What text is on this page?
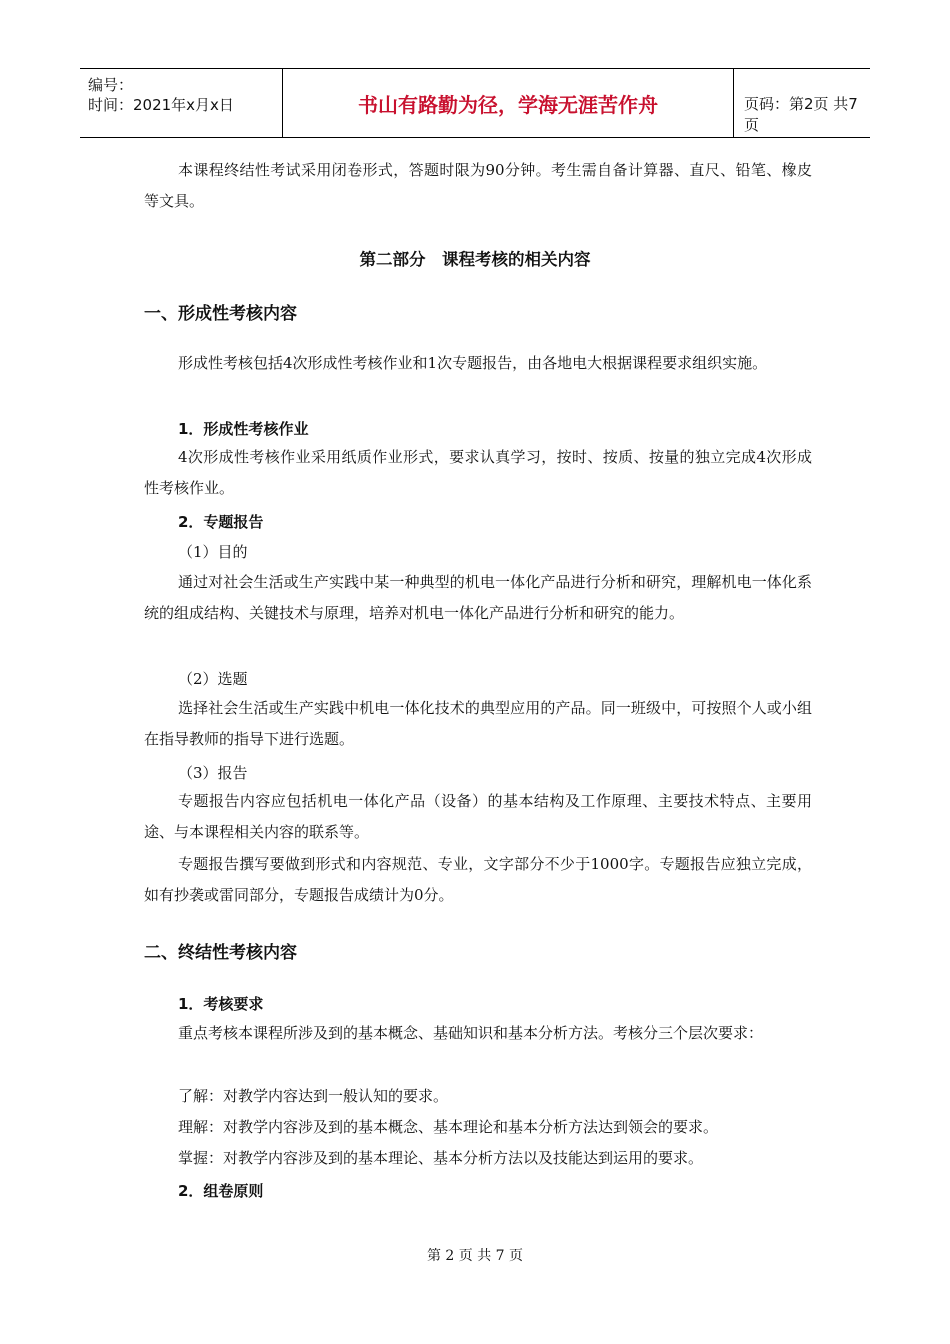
编号：
时间：2021年x月x日	书山有路勤为径，学海无涯苦作舟	页码：第2页 共7页

本课程终结性考试采用闭卷形式，答题时限为90分钟。考生需自备计算器、直尺、铅笔、橡皮等文具。

第二部分　课程考核的相关内容

一、形成性考核内容

形成性考核包括4次形成性考核作业和1次专题报告，由各地电大根据课程要求组织实施。

1．形成性考核作业

4次形成性考核作业采用纸质作业形式，要求认真学习，按时、按质、按量的独立完成4次形成性考核作业。

2．专题报告

（1）目的

通过对社会生活或生产实践中某一种典型的机电一体化产品进行分析和研究，理解机电一体化系统的组成结构、关键技术与原理，培养对机电一体化产品进行分析和研究的能力。

（2）选题

选择社会生活或生产实践中机电一体化技术的典型应用的产品。同一班级中，可按照个人或小组在指导教师的指导下进行选题。

（3）报告

专题报告内容应包括机电一体化产品（设备）的基本结构及工作原理、主要技术特点、主要用途、与本课程相关内容的联系等。

专题报告撰写要做到形式和内容规范、专业，文字部分不少于1000字。专题报告应独立完成，如有抄袭或雷同部分，专题报告成绩计为0分。

二、终结性考核内容

1．考核要求

重点考核本课程所涉及到的基本概念、基础知识和基本分析方法。考核分三个层次要求：

了解：对教学内容达到一般认知的要求。

理解：对教学内容涉及到的基本概念、基本理论和基本分析方法达到领会的要求。

掌握：对教学内容涉及到的基本理论、基本分析方法以及技能达到运用的要求。

2．组卷原则

第 2 页 共 7 页
